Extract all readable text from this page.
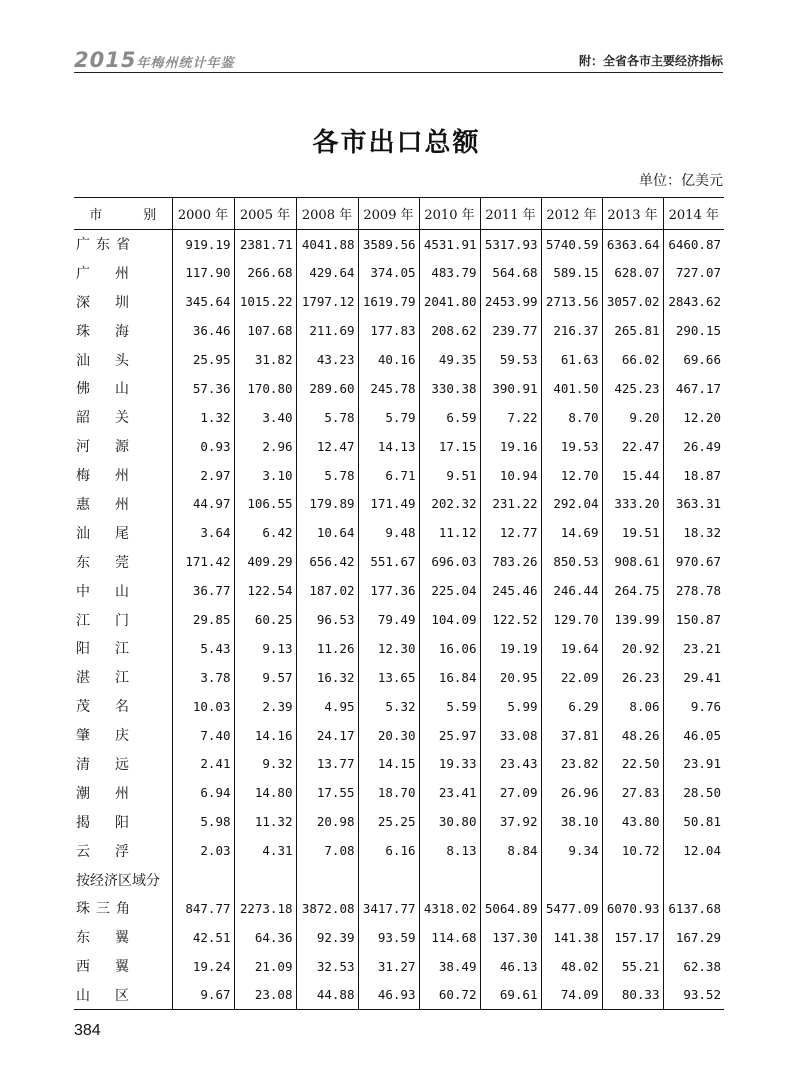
2015年梅州统计年鉴	附：全省各市主要经济指标
各市出口总额
单位：亿美元
市　别	2000 年	2005 年	2008 年	2009 年	2010 年	2011 年	2012 年	2013 年	2014 年
广东省	919.19	2381.71	4041.88	3589.56	4531.91	5317.93	5740.59	6363.64	6460.87
广州	117.90	266.68	429.64	374.05	483.79	564.68	589.15	628.07	727.07
深圳	345.64	1015.22	1797.12	1619.79	2041.80	2453.99	2713.56	3057.02	2843.62
珠海	36.46	107.68	211.69	177.83	208.62	239.77	216.37	265.81	290.15
汕头	25.95	31.82	43.23	40.16	49.35	59.53	61.63	66.02	69.66
佛山	57.36	170.80	289.60	245.78	330.38	390.91	401.50	425.23	467.17
韶关	1.32	3.40	5.78	5.79	6.59	7.22	8.70	9.20	12.20
河源	0.93	2.96	12.47	14.13	17.15	19.16	19.53	22.47	26.49
梅州	2.97	3.10	5.78	6.71	9.51	10.94	12.70	15.44	18.87
惠州	44.97	106.55	179.89	171.49	202.32	231.22	292.04	333.20	363.31
汕尾	3.64	6.42	10.64	9.48	11.12	12.77	14.69	19.51	18.32
东莞	171.42	409.29	656.42	551.67	696.03	783.26	850.53	908.61	970.67
中山	36.77	122.54	187.02	177.36	225.04	245.46	246.44	264.75	278.78
江门	29.85	60.25	96.53	79.49	104.09	122.52	129.70	139.99	150.87
阳江	5.43	9.13	11.26	12.30	16.06	19.19	19.64	20.92	23.21
湛江	3.78	9.57	16.32	13.65	16.84	20.95	22.09	26.23	29.41
茂名	10.03	2.39	4.95	5.32	5.59	5.99	6.29	8.06	9.76
肇庆	7.40	14.16	24.17	20.30	25.97	33.08	37.81	48.26	46.05
清远	2.41	9.32	13.77	14.15	19.33	23.43	23.82	22.50	23.91
潮州	6.94	14.80	17.55	18.70	23.41	27.09	26.96	27.83	28.50
揭阳	5.98	11.32	20.98	25.25	30.80	37.92	38.10	43.80	50.81
云浮	2.03	4.31	7.08	6.16	8.13	8.84	9.34	10.72	12.04
按经济区域分									
珠三角	847.77	2273.18	3872.08	3417.77	4318.02	5064.89	5477.09	6070.93	6137.68
东翼	42.51	64.36	92.39	93.59	114.68	137.30	141.38	157.17	167.29
西翼	19.24	21.09	32.53	31.27	38.49	46.13	48.02	55.21	62.38
山区	9.67	23.08	44.88	46.93	60.72	69.61	74.09	80.33	93.52
384
